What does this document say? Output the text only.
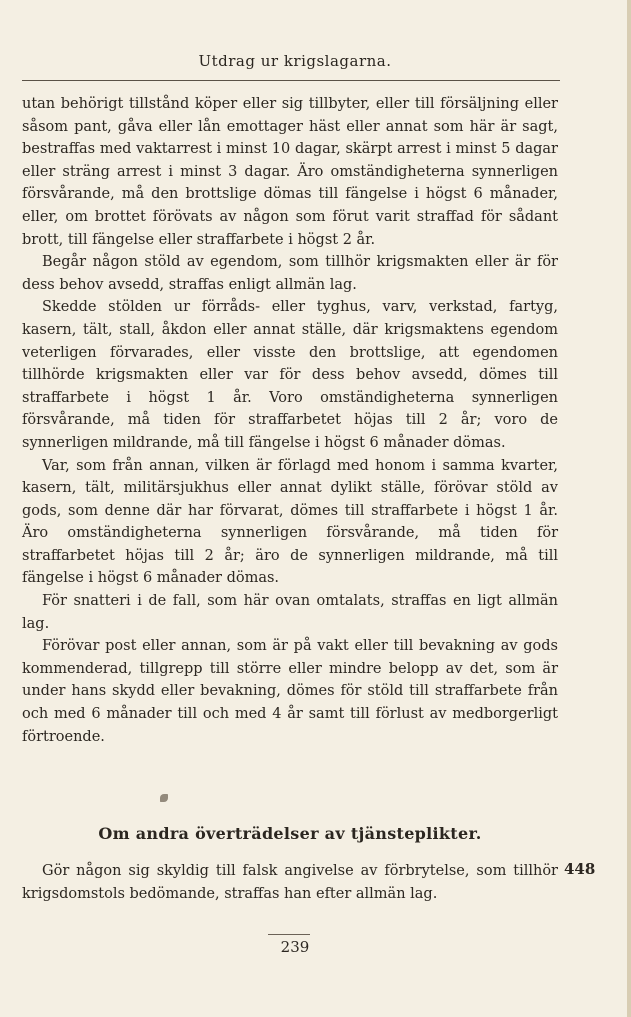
Utdrag ur krigslagarna.

utan behörigt tillstånd köper eller sig tillbyter, eller till försäljning eller såsom pant, gåva eller lån emottager häst eller annat som här är sagt, bestraffas med vaktarrest i minst 10 dagar, skärpt arrest i minst 5 dagar eller sträng arrest i minst 3 dagar. Äro omständigheterna synnerligen försvårande, må den brottslige dömas till fängelse i högst 6 månader, eller, om brottet förövats av någon som förut varit straffad för sådant brott, till fängelse eller straffarbete i högst 2 år.

Begår någon stöld av egendom, som tillhör krigsmakten eller är för dess behov avsedd, straffas enligt allmän lag.

Skedde stölden ur förråds- eller tyghus, varv, verkstad, fartyg, kasern, tält, stall, åkdon eller annat ställe, där krigsmaktens egendom veterligen förvarades, eller visste den brottslige, att egendomen tillhörde krigsmakten eller var för dess behov avsedd, dömes till straffarbete i högst 1 år. Voro omständigheterna synnerligen försvårande, må tiden för straffarbetet höjas till 2 år; voro de synnerligen mildrande, må till fängelse i högst 6 månader dömas.

Var, som från annan, vilken är förlagd med honom i samma kvarter, kasern, tält, militärsjukhus eller annat dylikt ställe, förövar stöld av gods, som denne där har förvarat, dömes till straffarbete i högst 1 år. Äro omständigheterna synnerligen försvårande, må tiden för straffarbetet höjas till 2 år; äro de synnerligen mildrande, må till fängelse i högst 6 månader dömas.

För snatteri i de fall, som här ovan omtalats, straffas en ligt allmän lag.

Förövar post eller annan, som är på vakt eller till bevakning av gods kommenderad, tillgrepp till större eller mindre belopp av det, som är under hans skydd eller bevakning, dömes för stöld till straffarbete från och med 6 månader till och med 4 år samt till förlust av medborgerligt förtroende.

Om andra överträdelser av tjänsteplikter.

Gör någon sig skyldig till falsk angivelse av förbrytelse, som tillhör krigsdomstols bedömande, straffas han efter allmän lag.

448
239
